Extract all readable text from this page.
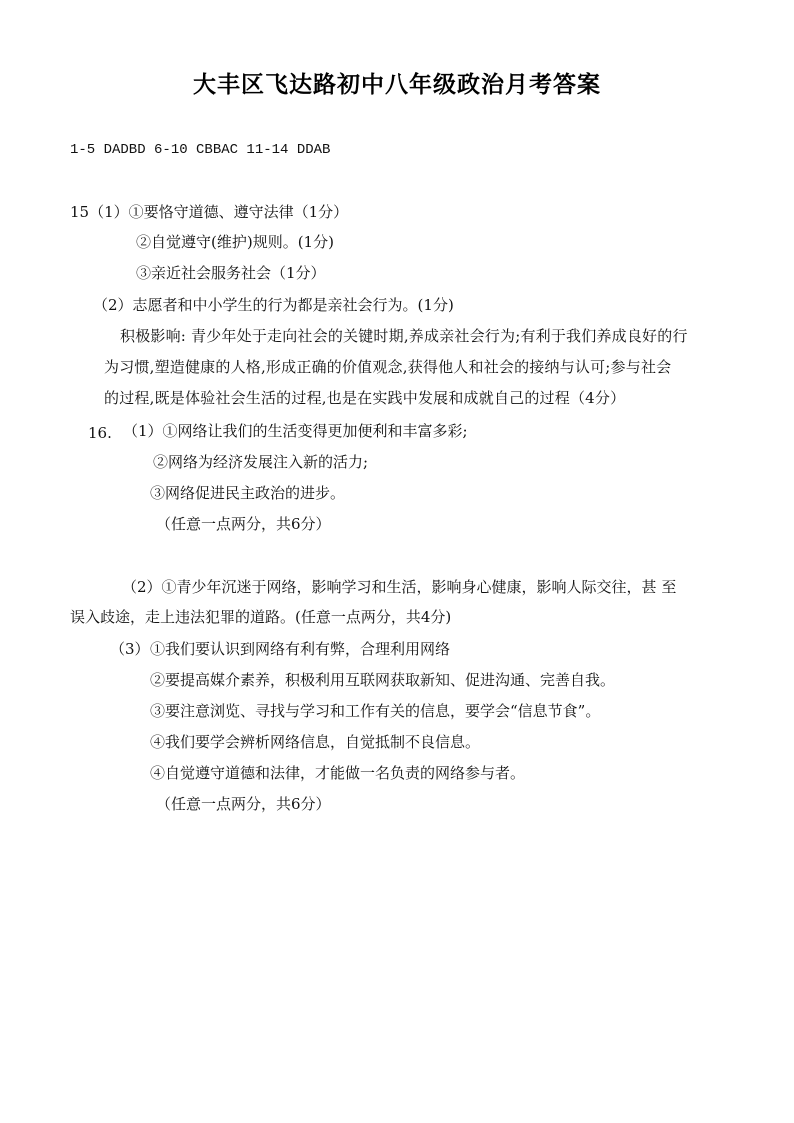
大丰区飞达路初中八年级政治月考答案
1-5 DADBD 6-10 CBBAC 11-14 DDAB
15（1）①要恪守道德、遵守法律（1分）
②自觉遵守(维护)规则。(1分)
③亲近社会服务社会（1分）
（2）志愿者和中小学生的行为都是亲社会行为。(1分)
积极影响: 青少年处于走向社会的关键时期,养成亲社会行为;有利于我们养成良好的行
为习惯,塑造健康的人格,形成正确的价值观念,获得他人和社会的接纳与认可;参与社会
的过程,既是体验社会生活的过程,也是在实践中发展和成就自己的过程（4分）
16. （1）①网络让我们的生活变得更加便利和丰富多彩;
②网络为经济发展注入新的活力;
③网络促进民主政治的进步。
（任意一点两分，共6分）
（2）①青少年沉迷于网络，影响学习和生活，影响身心健康，影响人际交往，甚 至
误入歧途，走上违法犯罪的道路。(任意一点两分，共4分)
（3） ①我们要认识到网络有利有弊，合理利用网络
②要提高媒介素养，积极利用互联网获取新知、促进沟通、完善自我。
③要注意浏览、寻找与学习和工作有关的信息，要学会“信息节食”。
④我们要学会辨析网络信息，自觉抵制不良信息。
④自觉遵守道德和法律，才能做一名负责的网络参与者。
（任意一点两分，共6分）
